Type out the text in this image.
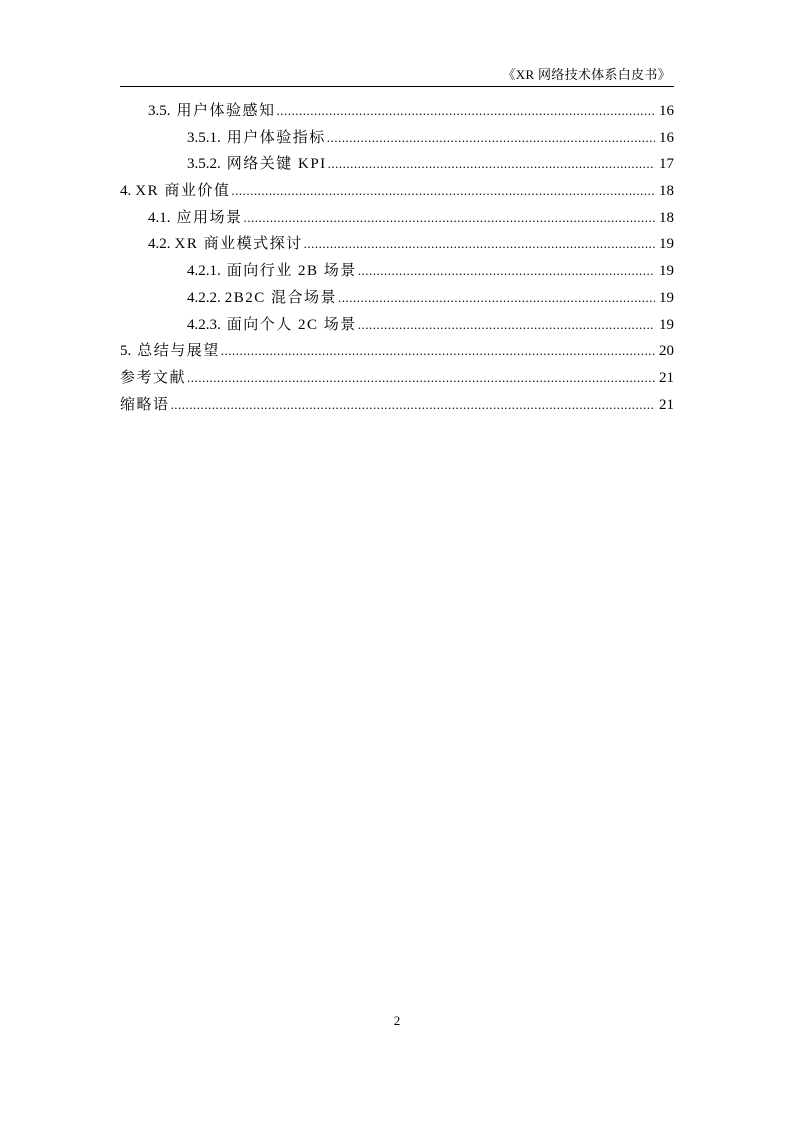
《XR 网络技术体系白皮书》
3.5. 用户体验感知 .....	16
3.5.1. 用户体验指标 .....	16
3.5.2. 网络关键 KPI .....	17
4. XR 商业价值 .....	18
4.1. 应用场景 .....	18
4.2. XR 商业模式探讨 .....	19
4.2.1. 面向行业 2B 场景 .....	19
4.2.2. 2B2C 混合场景 .....	19
4.2.3. 面向个人 2C 场景 .....	19
5. 总结与展望 .....	20
参考文献 .....	21
缩略语 .....	21
2
